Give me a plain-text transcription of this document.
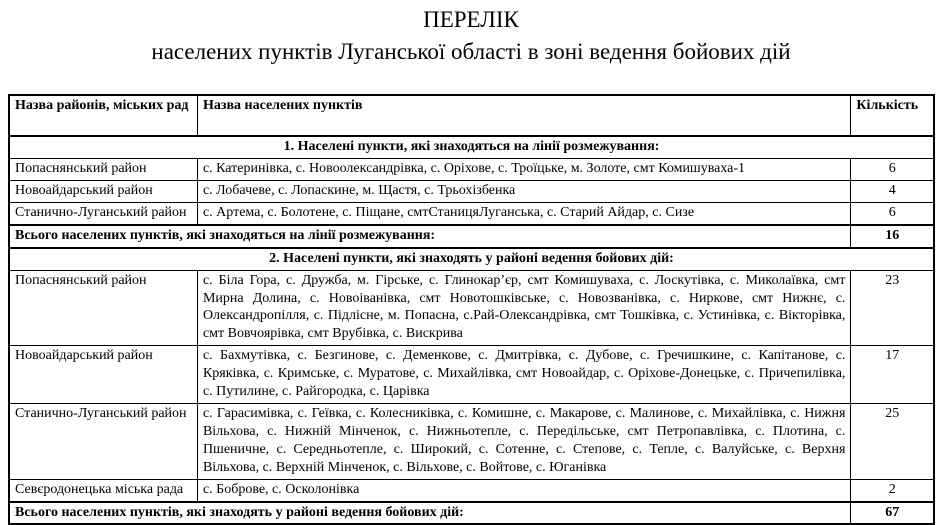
ПЕРЕЛІК
населених пунктів Луганської області в зоні ведення бойових дій
Назва районів, міських рад	Назва населених пунктів	Кількість
1. Населені пункти, які знаходяться на лінії розмежування:		
Попаснянський район	с. Катеринівка, с. Новоолександрівка, с. Оріхове, с. Троїцьке, м. Золоте, смт Комишуваха-1	6
Новоайдарський район	с. Лобачеве, с. Лопаскине, м. Щастя, с. Трьохізбенка	4
Станично-Луганський район	с. Артема, с. Болотене, с. Піщане, смтСтаницяЛуганська, с. Старий Айдар, с. Сизе	6
Всього населених пунктів, які знаходяться на лінії розмежування:		16
2. Населені пункти, які знаходять у районі ведення бойових дій:		
Попаснянський район	с. Біла Гора, с. Дружба, м. Гірське, с. Глинокар’єр, смт Комишуваха, с. Лоскутівка, с. Миколаївка, смт Мирна Долина, с. Новоіванівка, смт Новотошківське, с. Новозванівка, с. Ниркове, смт Нижнє, с. Олександропілля, с. Підлісне, м. Попасна, с.Рай-Олександрівка, смт Тошківка, с. Устинівка, с. Вікторівка, смт Вовчоярівка, смт Врубівка, с. Вискрива	23
Новоайдарський район	с. Бахмутівка, с. Безгинове, с. Деменкове, с. Дмитрівка, с. Дубове, с. Гречишкине, с. Капітанове, с. Кряківка, с. Кримське, с. Муратове, с. Михайлівка, смт Новоайдар, с. Оріхове-Донецьке, с. Причепилівка, с. Путилине, с. Райгородка, с. Царівка	17
Станично-Луганський район	с. Гарасимівка, с. Геївка, с. Колесниківка, с. Комишне, с. Макарове, с. Малинове, с. Михайлівка, с. Нижня Вільхова, с. Нижній Мінченок, с. Нижньотепле, с. Передільське, смт Петропавлівка, с. Плотина, с. Пшеничне, с. Середньотепле, с. Широкий, с. Сотенне, с. Степове, с. Тепле, с. Валуйське, с. Верхня Вільхова, с. Верхній Мінченок, с. Вільхове, с. Войтове, с. Юганівка	25
Севєродонецька міська рада	с. Боброве, с. Осколонівка	2
Всього населених пунктів, які знаходять у районі ведення бойових дій:		67
